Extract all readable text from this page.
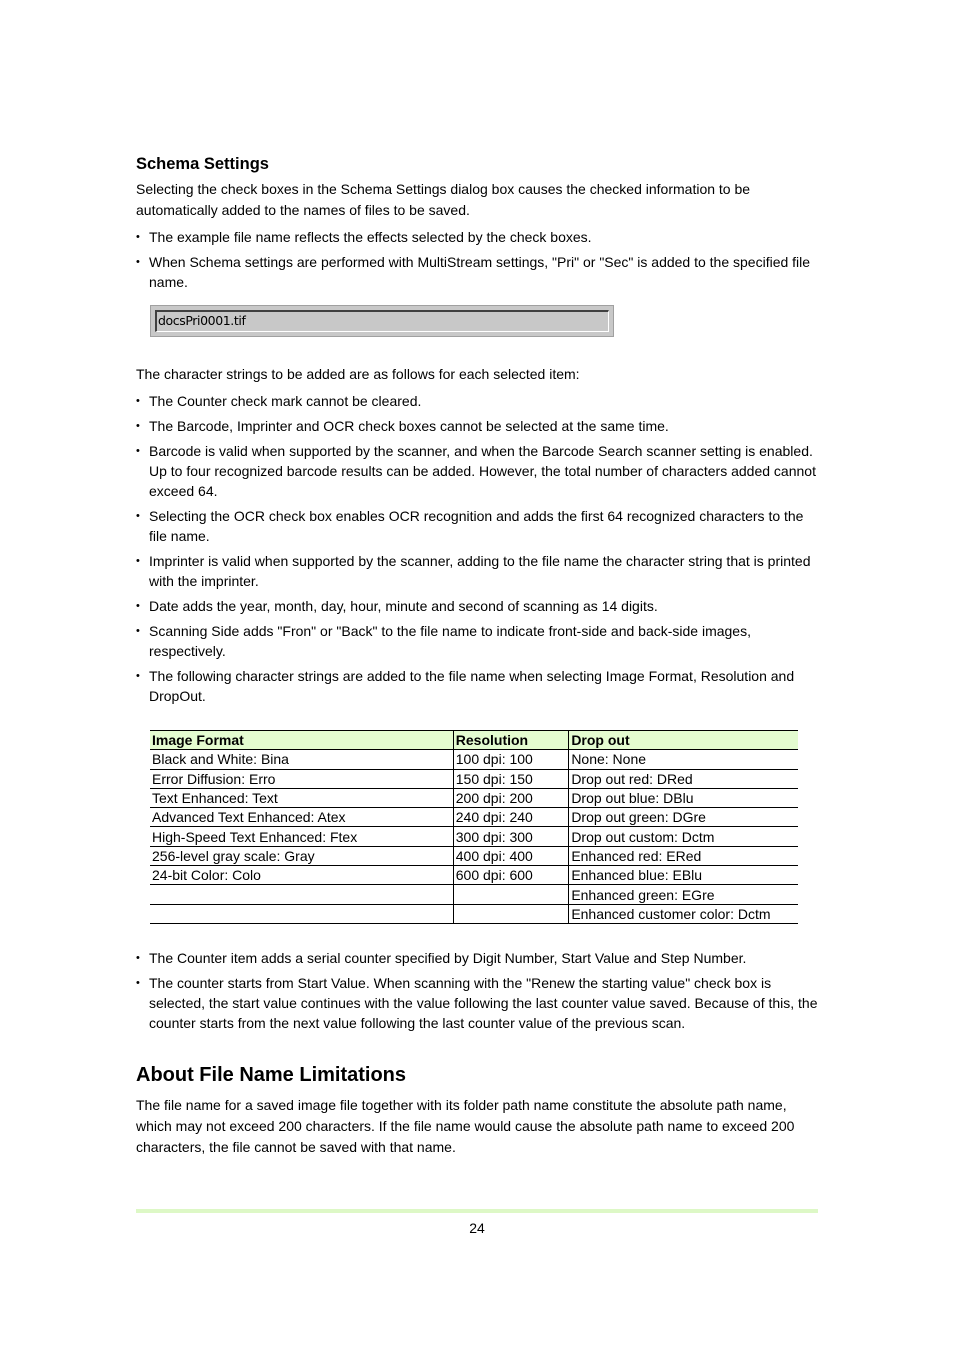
Schema Settings

Selecting the check boxes in the Schema Settings dialog box causes the checked information to be automatically added to the names of files to be saved.

• The example file name reflects the effects selected by the check boxes.
• When Schema settings are performed with MultiStream settings, "Pri" or "Sec" is added to the specified file name.
docsPri0001.tif

The character strings to be added are as follows for each selected item:

• The Counter check mark cannot be cleared.
• The Barcode, Imprinter and OCR check boxes cannot be selected at the same time.
• Barcode is valid when supported by the scanner, and when the Barcode Search scanner setting is enabled. Up to four recognized barcode results can be added. However, the total number of characters added cannot exceed 64.
• Selecting the OCR check box enables OCR recognition and adds the first 64 recognized characters to the file name.
• Imprinter is valid when supported by the scanner, adding to the file name the character string that is printed with the imprinter.
• Date adds the year, month, day, hour, minute and second of scanning as 14 digits.
• Scanning Side adds "Fron" or "Back" to the file name to indicate front-side and back-side images, respectively.
• The following character strings are added to the file name when selecting Image Format, Resolution and DropOut.
Image Format	Resolution	Drop out
Black and White: Bina	100 dpi: 100	None: None
Error Diffusion: Erro	150 dpi: 150	Drop out red: DRed
Text Enhanced: Text	200 dpi: 200	Drop out blue: DBlu
Advanced Text Enhanced: Atex	240 dpi: 240	Drop out green: DGre
High-Speed Text Enhanced: Ftex	300 dpi: 300	Drop out custom: Dctm
256-level gray scale: Gray	400 dpi: 400	Enhanced red: ERed
24-bit Color: Colo	600 dpi: 600	Enhanced blue: EBlu
		Enhanced green: EGre
		Enhanced customer color: Dctm
• The Counter item adds a serial counter specified by Digit Number, Start Value and Step Number.
• The counter starts from Start Value. When scanning with the "Renew the starting value" check box is selected, the start value continues with the value following the last counter value saved. Because of this, the counter starts from the next value following the last counter value of the previous scan.
About File Name Limitations

The file name for a saved image file together with its folder path name constitute the absolute path name, which may not exceed 200 characters. If the file name would cause the absolute path name to exceed 200 characters, the file cannot be saved with that name.

24
